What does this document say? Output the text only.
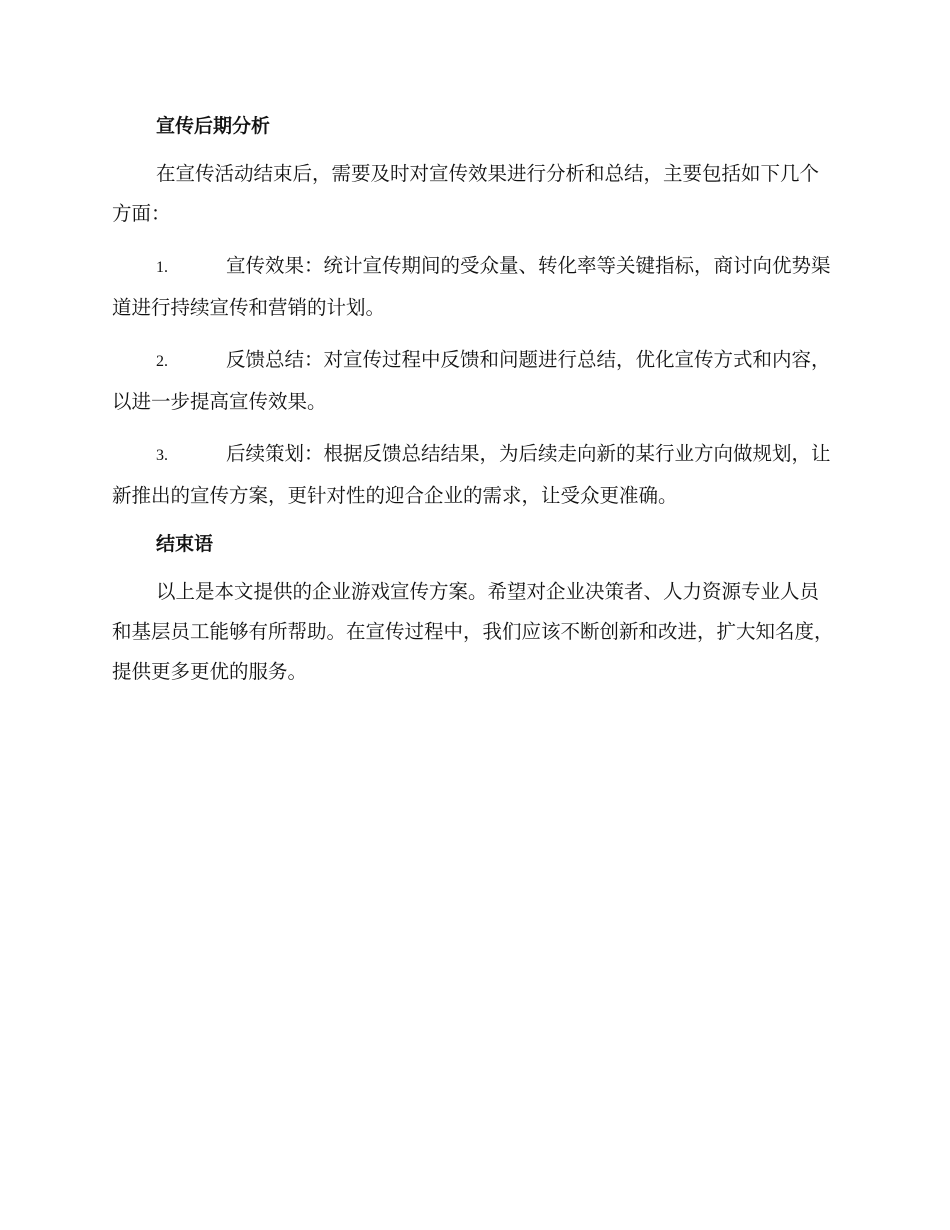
宣传后期分析

在宣传活动结束后，需要及时对宣传效果进行分析和总结，主要包括如下几个方面：

1.	宣传效果：统计宣传期间的受众量、转化率等关键指标，商讨向优势渠道进行持续宣传和营销的计划。
2.	反馈总结：对宣传过程中反馈和问题进行总结，优化宣传方式和内容，以进一步提高宣传效果。
3.	后续策划：根据反馈总结结果，为后续走向新的某行业方向做规划，让新推出的宣传方案，更针对性的迎合企业的需求，让受众更准确。
结束语

以上是本文提供的企业游戏宣传方案。希望对企业决策者、人力资源专业人员和基层员工能够有所帮助。在宣传过程中，我们应该不断创新和改进，扩大知名度，提供更多更优的服务。
